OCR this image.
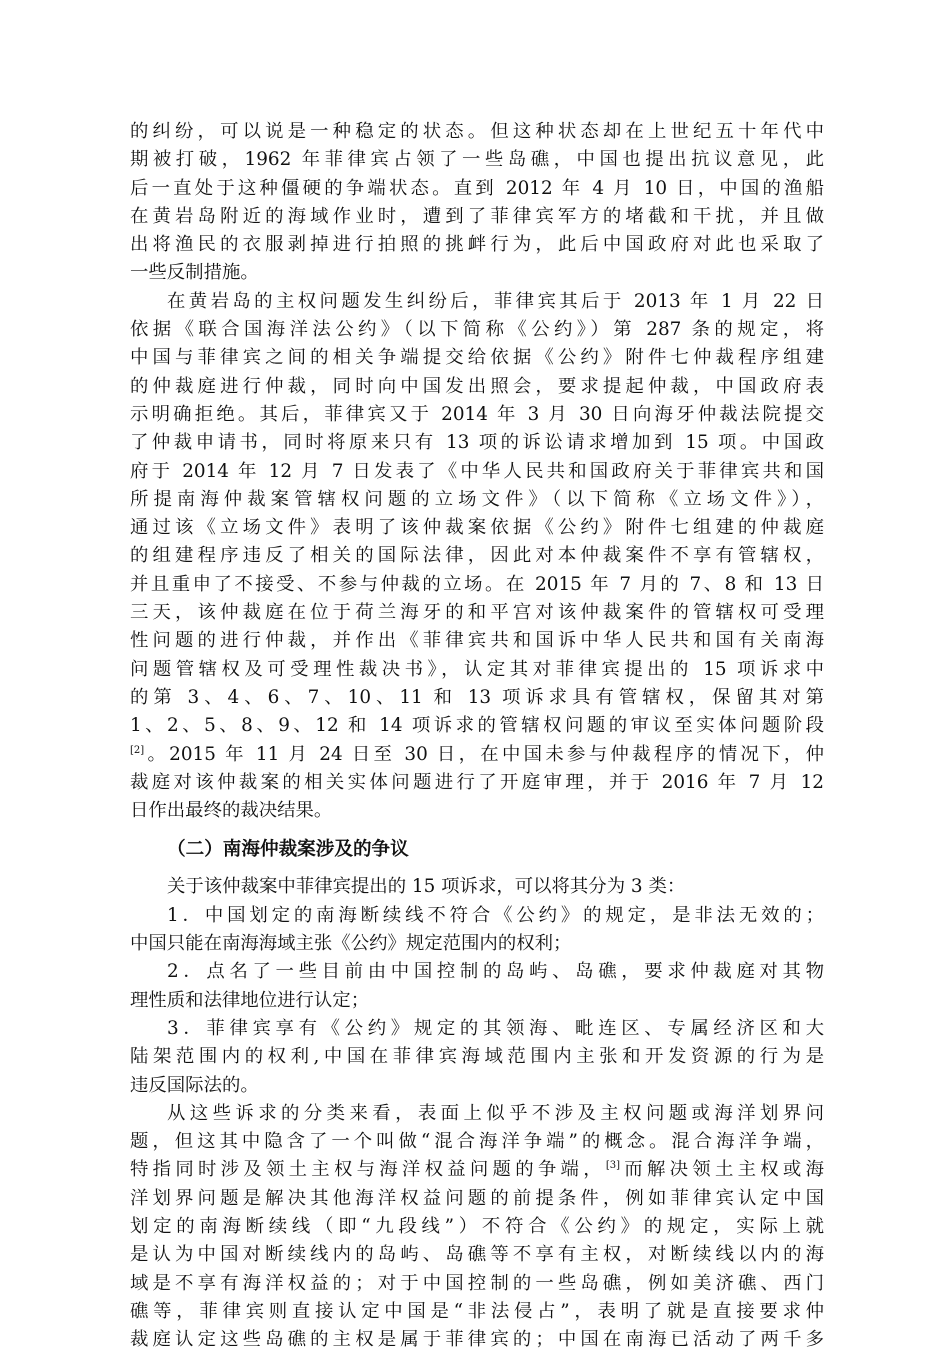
的纠纷，可以说是一种稳定的状态。但这种状态却在上世纪五十年代中
期被打破，1962 年菲律宾占领了一些岛礁，中国也提出抗议意见，此
后一直处于这种僵硬的争端状态。直到 2012 年 4 月 10 日，中国的渔船
在黄岩岛附近的海域作业时，遭到了菲律宾军方的堵截和干扰，并且做
出将渔民的衣服剥掉进行拍照的挑衅行为，此后中国政府对此也采取了
一些反制措施。
在黄岩岛的主权问题发生纠纷后，菲律宾其后于 2013 年 1 月 22 日
依据《联合国海洋法公约》（以下简称《公约》）第 287 条的规定，将
中国与菲律宾之间的相关争端提交给依据《公约》附件七仲裁程序组建
的仲裁庭进行仲裁，同时向中国发出照会，要求提起仲裁，中国政府表
示明确拒绝。其后，菲律宾又于 2014 年 3 月 30 日向海牙仲裁法院提交
了仲裁申请书，同时将原来只有 13 项的诉讼请求增加到 15 项。中国政
府于 2014 年 12 月 7 日发表了《中华人民共和国政府关于菲律宾共和国
所提南海仲裁案管辖权问题的立场文件》（以下简称《立场文件》），
通过该《立场文件》表明了该仲裁案依据《公约》附件七组建的仲裁庭
的组建程序违反了相关的国际法律，因此对本仲裁案件不享有管辖权，
并且重申了不接受、不参与仲裁的立场。在 2015 年 7 月的 7、8 和 13 日
三天，该仲裁庭在位于荷兰海牙的和平宫对该仲裁案件的管辖权可受理
性问题的进行仲裁，并作出《菲律宾共和国诉中华人民共和国有关南海
问题管辖权及可受理性裁决书》，认定其对菲律宾提出的 15 项诉求中
的第 3、4、6、7、10、11 和 13 项诉求具有管辖权，保留其对第
1、2、5、8、9、12 和 14 项诉求的管辖权问题的审议至实体问题阶段
[2]。2015 年 11 月 24 日至 30 日，在中国未参与仲裁程序的情况下，仲
裁庭对该仲裁案的相关实体问题进行了开庭审理，并于 2016 年 7 月 12
日作出最终的裁决结果。
（二）南海仲裁案涉及的争议
关于该仲裁案中菲律宾提出的 15 项诉求，可以将其分为 3 类：
1．中国划定的南海断续线不符合《公约》的规定，是非法无效的；
中国只能在南海海域主张《公约》规定范围内的权利；
2．点名了一些目前由中国控制的岛屿、岛礁，要求仲裁庭对其物
理性质和法律地位进行认定；
3．菲律宾享有《公约》规定的其领海、毗连区、专属经济区和大
陆架范围内的权利,中国在菲律宾海域范围内主张和开发资源的行为是
违反国际法的。
从这些诉求的分类来看，表面上似乎不涉及主权问题或海洋划界问
题，但这其中隐含了一个叫做“混合海洋争端”的概念。混合海洋争端，
特指同时涉及领土主权与海洋权益问题的争端，[3]而解决领土主权或海
洋划界问题是解决其他海洋权益问题的前提条件，例如菲律宾认定中国
划定的南海断续线（即“九段线”）不符合《公约》的规定，实际上就
是认为中国对断续线内的岛屿、岛礁等不享有主权，对断续线以内的海
域是不享有海洋权益的；对于中国控制的一些岛礁，例如美济礁、西门
礁等，菲律宾则直接认定中国是“非法侵占”，表明了就是直接要求仲
裁庭认定这些岛礁的主权是属于菲律宾的；中国在南海已活动了两千多
